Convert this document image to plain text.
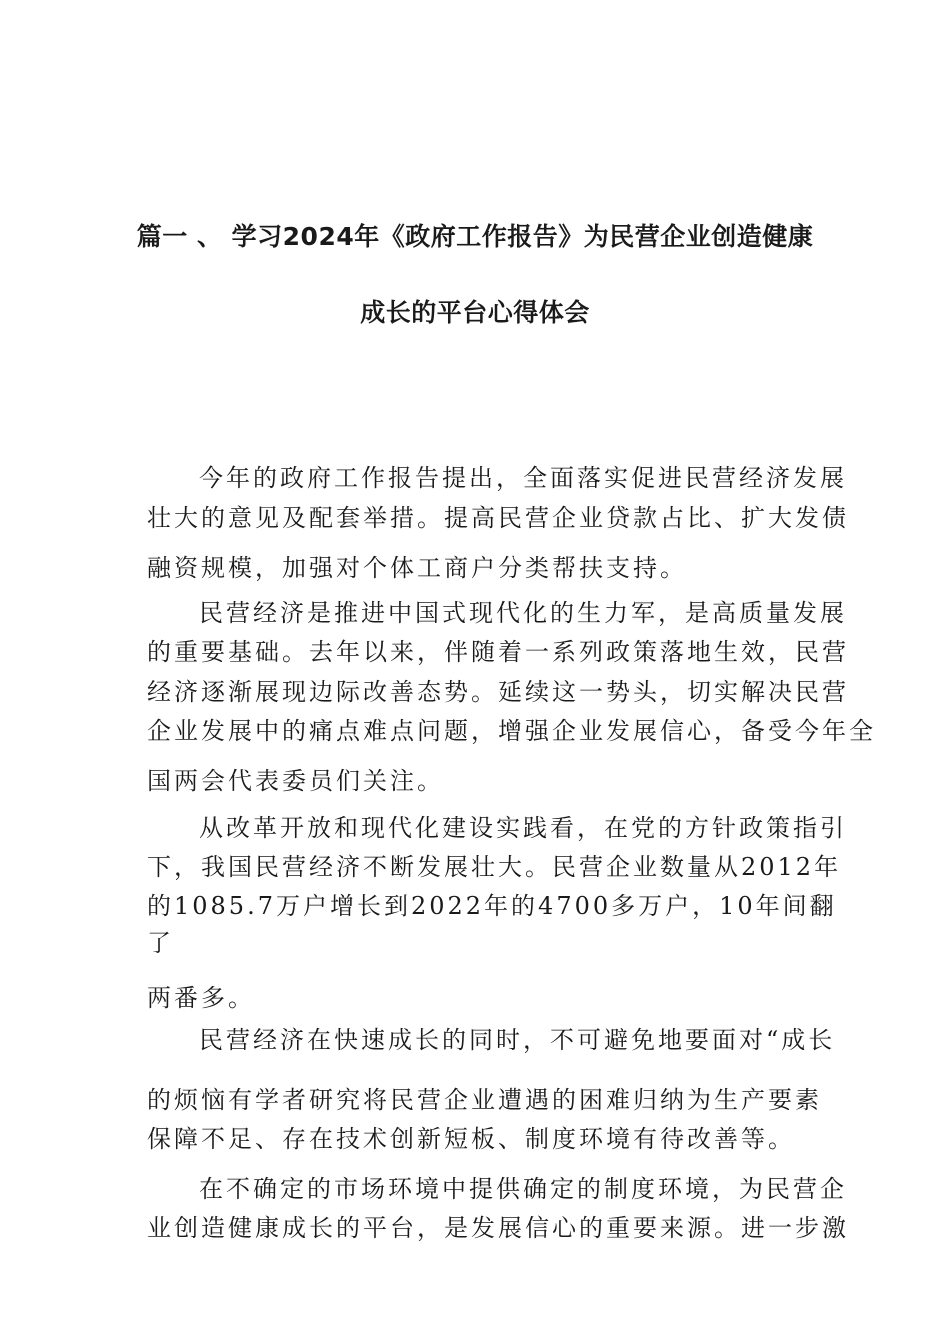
篇一 、 学习2024年《政府工作报告》为民营企业创造健康
成长的平台心得体会
今年的政府工作报告提出，全面落实促进民营经济发展
壮大的意见及配套举措。提高民营企业贷款占比、扩大发债
融资规模，加强对个体工商户分类帮扶支持。
民营经济是推进中国式现代化的生力军，是高质量发展
的重要基础。去年以来，伴随着一系列政策落地生效，民营
经济逐渐展现边际改善态势。延续这一势头，切实解决民营
企业发展中的痛点难点问题，增强企业发展信心，备受今年全
国两会代表委员们关注。
从改革开放和现代化建设实践看，在党的方针政策指引
下，我国民营经济不断发展壮大。民营企业数量从2012年
的1085.7万户增长到2022年的4700多万户，10年间翻
了
两番多。
民营经济在快速成长的同时，不可避免地要面对“成长
的烦恼有学者研究将民营企业遭遇的困难归纳为生产要素
保障不足、存在技术创新短板、制度环境有待改善等。
在不确定的市场环境中提供确定的制度环境，为民营企
业创造健康成长的平台，是发展信心的重要来源。进一步激
